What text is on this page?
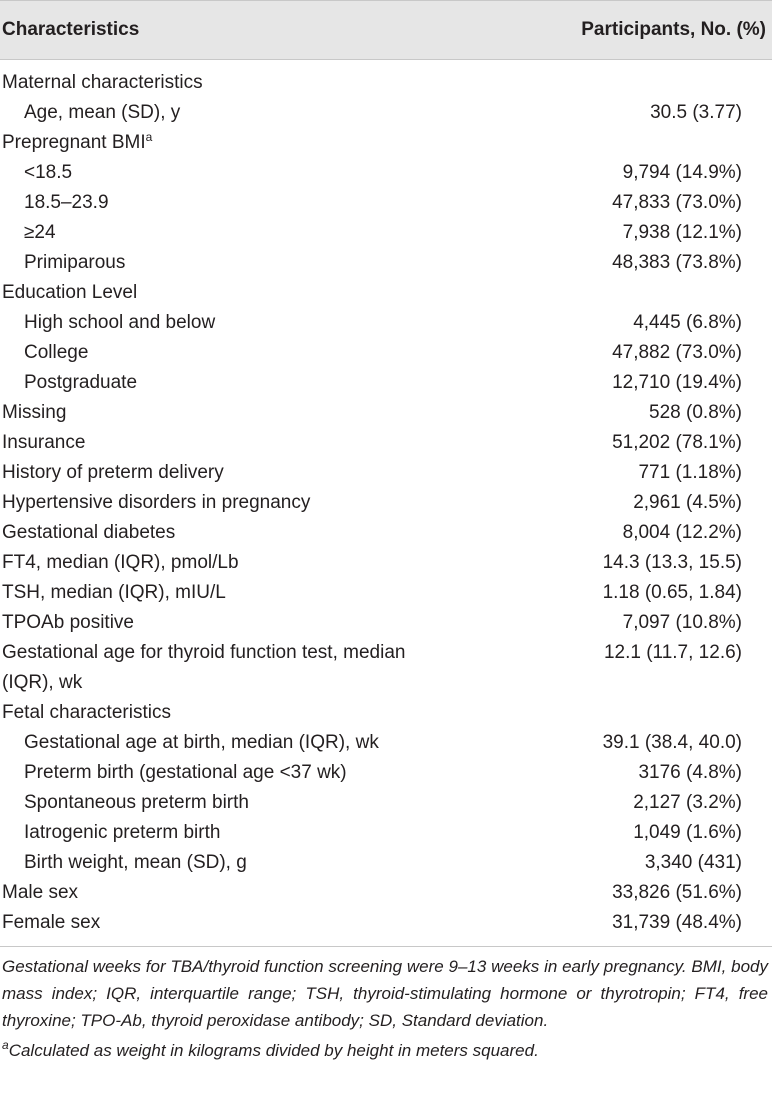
Characteristics	Participants, No. (%)
Maternal characteristics
Age, mean (SD), y	30.5 (3.77)
Prepregnant $BMI^a$
<18.5	9,794 (14.9%)
18.5–23.9	47,833 (73.0%)
≥24	7,938 (12.1%)
Primiparous	48,383 (73.8%)
Education Level
High school and below	4,445 (6.8%)
College	47,882 (73.0%)
Postgraduate	12,710 (19.4%)
Missing	528 (0.8%)
Insurance	51,202 (78.1%)
History of preterm delivery	771 (1.18%)
Hypertensive disorders in pregnancy	2,961 (4.5%)
Gestational diabetes	8,004 (12.2%)
FT4, median (IQR), pmol/Lb	14.3 (13.3, 15.5)
TSH, median (IQR), mIU/L	1.18 (0.65, 1.84)
TPOAb positive	7,097 (10.8%)
Gestational age for thyroid function test, median (IQR), wk
12.1 (11.7, 12.6)
Fetal characteristics
Gestational age at birth, median (IQR), wk	39.1 (38.4, 40.0)
Preterm birth (gestational age <37 wk)	3176 (4.8%)
Spontaneous preterm birth	2,127 (3.2%)
Iatrogenic preterm birth	1,049 (1.6%)
Birth weight, mean (SD), g	3,340 (431)
Male sex	33,826 (51.6%)
Female sex	31,739 (48.4%)
Gestational weeks for TBA/thyroid function screening were 9–13 weeks in early pregnancy. BMI, body mass index; IQR, interquartile range; TSH, thyroid-stimulating hormone or thyrotropin; FT4, free thyroxine; TPO-Ab, thyroid peroxidase antibody; SD, Standard deviation.
$^a$Calculated as weight in kilograms divided by height in meters squared.
